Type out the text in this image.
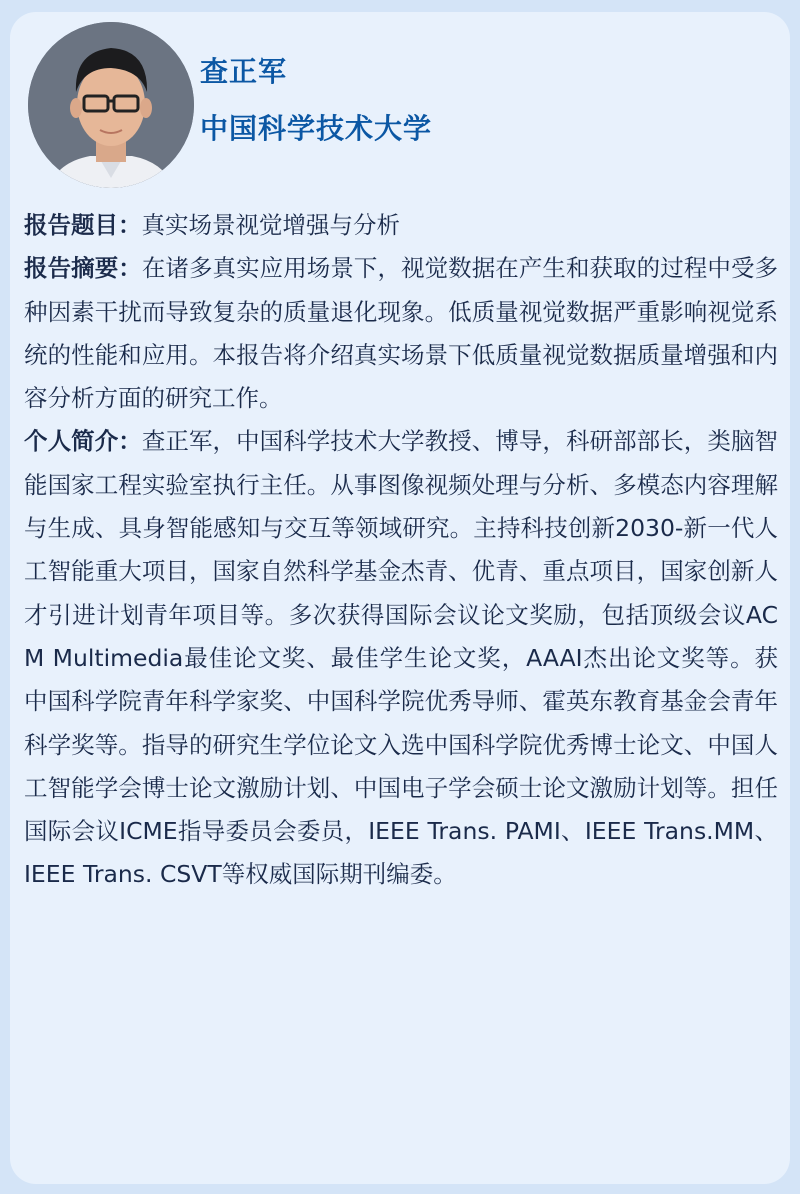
查正军
中国科学技术大学

报告题目：真实场景视觉增强与分析

报告摘要：在诸多真实应用场景下，视觉数据在产生和获取的过程中受多种因素干扰而导致复杂的质量退化现象。低质量视觉数据严重影响视觉系统的性能和应用。本报告将介绍真实场景下低质量视觉数据质量增强和内容分析方面的研究工作。

个人简介：查正军，中国科学技术大学教授、博导，科研部部长，类脑智能国家工程实验室执行主任。从事图像视频处理与分析、多模态内容理解与生成、具身智能感知与交互等领域研究。主持科技创新2030-新一代人工智能重大项目，国家自然科学基金杰青、优青、重点项目，国家创新人才引进计划青年项目等。多次获得国际会议论文奖励，包括顶级会议ACM Multimedia最佳论文奖、最佳学生论文奖，AAAI杰出论文奖等。获中国科学院青年科学家奖、中国科学院优秀导师、霍英东教育基金会青年科学奖等。指导的研究生学位论文入选中国科学院优秀博士论文、中国人工智能学会博士论文激励计划、中国电子学会硕士论文激励计划等。担任国际会议ICME指导委员会委员，IEEE Trans. PAMI、IEEE Trans.MM、IEEE Trans. CSVT等权威国际期刊编委。
